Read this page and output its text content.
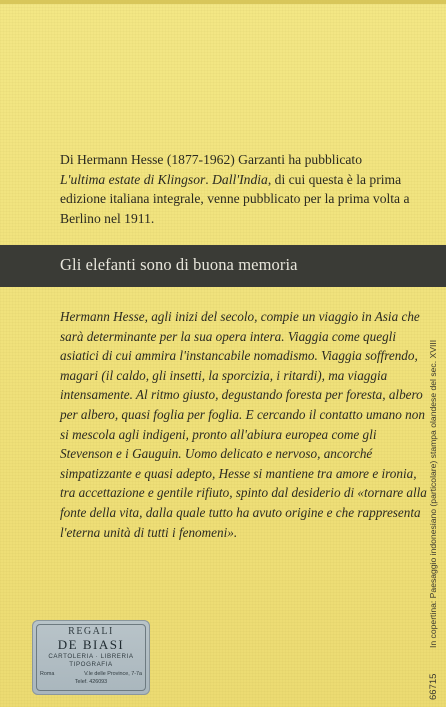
Di Hermann Hesse (1877-1962) Garzanti ha pubblicato L'ultima estate di Klingsor. Dall'India, di cui questa è la prima edizione italiana integrale, venne pubblicato per la prima volta a Berlino nel 1911.

Gli elefanti sono di buona memoria

Hermann Hesse, agli inizi del secolo, compie un viaggio in Asia che sarà determinante per la sua opera intera. Viaggia come quegli asiatici di cui ammira l'instancabile nomadismo. Viaggia soffrendo, magari (il caldo, gli insetti, la sporcizia, i ritardi), ma viaggia intensamente. Al ritmo giusto, degustando foresta per foresta, albero per albero, quasi foglia per foglia. E cercando il contatto umano non si mescola agli indigeni, pronto all'abiura europea come gli Stevenson e i Gauguin. Uomo delicato e nervoso, ancorché simpatizzante e quasi adepto, Hesse si mantiene tra amore e ironia, tra accettazione e gentile rifiuto, spinto dal desiderio di «tornare alla fonte della vita, dalla quale tutto ha avuto origine e che rappresenta l'eterna unità di tutti i fenomeni».	In copertina: Paesaggio indonesiano (particolare) stampa olandese del sec. XVIII

66715

REGALI

DE BIASI

CARTOLERIA · LIBRERIA

TIPOGRAFIA

Roma	V.le delle Province, 7-7a

Telef. 426093
